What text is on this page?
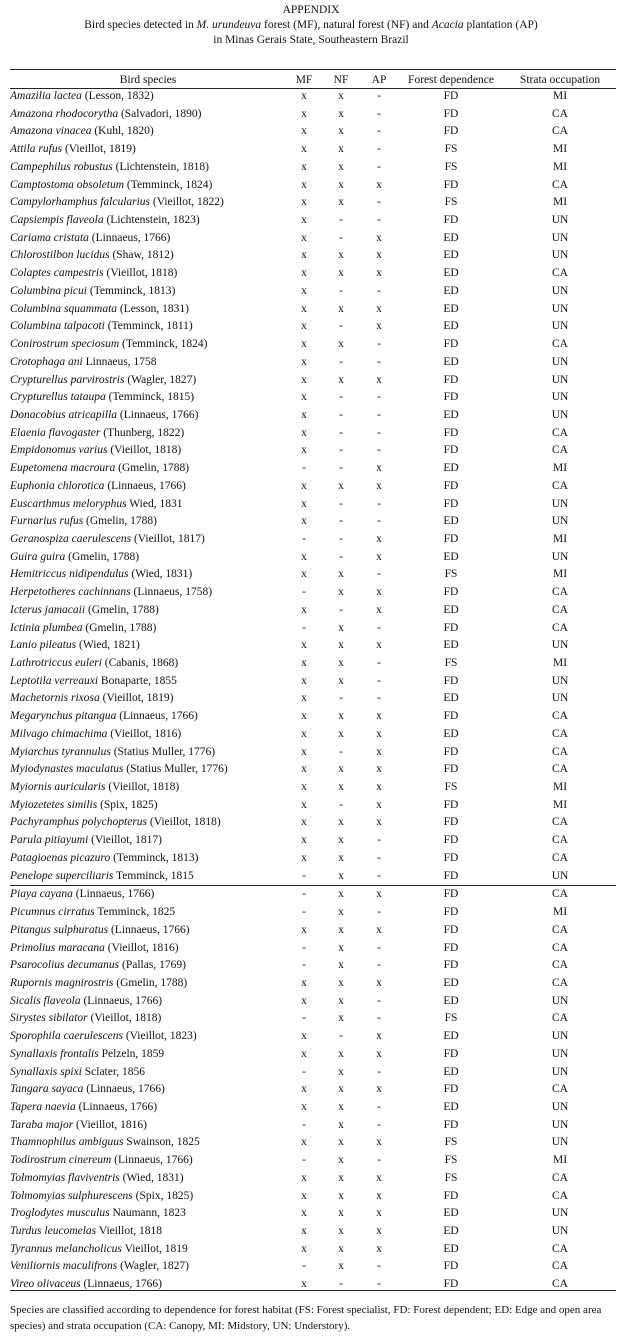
APPENDIX
Bird species detected in M. urundeuva forest (MF), natural forest (NF) and Acacia plantation (AP)
in Minas Gerais State, Southeastern Brazil
Bird species	MF	NF	AP	Forest dependence	Strata occupation
Amazilia lactea (Lesson, 1832)	x	x	-	FD	MI
Amazona rhodocorytha (Salvadori, 1890)	x	x	-	FD	CA
Amazona vinacea (Kuhl, 1820)	x	x	-	FD	CA
Attila rufus (Vieillot, 1819)	x	x	-	FS	MI
Campephilus robustus (Lichtenstein, 1818)	x	x	-	FS	MI
Camptostoma obsoletum (Temminck, 1824)	x	x	x	FD	CA
Campylorhamphus falcularius (Vieillot, 1822)	x	x	-	FS	MI
Capsiempis flaveola (Lichtenstein, 1823)	x	-	-	FD	UN
Cariama cristata (Linnaeus, 1766)	x	-	x	ED	UN
Chlorostilbon lucidus (Shaw, 1812)	x	x	x	ED	UN
Colaptes campestris (Vieillot, 1818)	x	x	x	ED	CA
Columbina picui (Temminck, 1813)	x	-	-	ED	UN
Columbina squammata (Lesson, 1831)	x	x	x	ED	UN
Columbina talpacoti (Temminck, 1811)	x	-	x	ED	UN
Conirostrum speciosum (Temminck, 1824)	x	x	-	FD	CA
Crotophaga ani Linnaeus, 1758	x	-	-	ED	UN
Crypturellus parvirostris (Wagler, 1827)	x	x	x	FD	UN
Crypturellus tataupa (Temminck, 1815)	x	-	-	FD	UN
Donacobius atricapilla (Linnaeus, 1766)	x	-	-	ED	UN
Elaenia flavogaster (Thunberg, 1822)	x	-	-	FD	CA
Empidonomus varius (Vieillot, 1818)	x	-	-	FD	CA
Eupetomena macroura (Gmelin, 1788)	-	-	x	ED	MI
Euphonia chlorotica (Linnaeus, 1766)	x	x	x	FD	CA
Euscarthmus meloryphus Wied, 1831	x	-	-	FD	UN
Furnarius rufus (Gmelin, 1788)	x	-	-	ED	UN
Geranospiza caerulescens (Vieillot, 1817)	-	-	x	FD	MI
Guira guira (Gmelin, 1788)	x	-	x	ED	UN
Hemitriccus nidipendulus (Wied, 1831)	x	x	-	FS	MI
Herpetotheres cachinnans (Linnaeus, 1758)	-	x	x	FD	CA
Icterus jamacaii (Gmelin, 1788)	x	-	x	ED	CA
Ictinia plumbea (Gmelin, 1788)	-	x	-	FD	CA
Lanio pileatus (Wied, 1821)	x	x	x	ED	UN
Lathrotriccus euleri (Cabanis, 1868)	x	x	-	FS	MI
Leptotila verreauxi Bonaparte, 1855	x	x	-	FD	UN
Machetornis rixosa (Vieillot, 1819)	x	-	-	ED	UN
Megarynchus pitangua (Linnaeus, 1766)	x	x	x	FD	CA
Milvago chimachima (Vieillot, 1816)	x	x	x	ED	CA
Myiarchus tyrannulus (Statius Muller, 1776)	x	-	x	FD	CA
Myiodynastes maculatus (Statius Muller, 1776)	x	x	x	FD	CA
Myiornis auricularis (Vieillot, 1818)	x	x	x	FS	MI
Myiozetetes similis (Spix, 1825)	x	-	x	FD	MI
Pachyramphus polychopterus (Vieillot, 1818)	x	x	x	FD	CA
Parula pitiayumi (Vieillot, 1817)	x	x	-	FD	CA
Patagioenas picazuro (Temminck, 1813)	x	x	-	FD	CA
Penelope superciliaris Temminck, 1815	-	x	-	FD	UN
Piaya cayana (Linnaeus, 1766)	-	x	x	FD	CA
Picumnus cirratus Temminck, 1825	-	x	-	FD	MI
Pitangus sulphuratus (Linnaeus, 1766)	x	x	x	FD	CA
Primolius maracana (Vieillot, 1816)	-	x	-	FD	CA
Psarocolius decumanus (Pallas, 1769)	-	x	-	FD	CA
Rupornis magnirostris (Gmelin, 1788)	x	x	x	ED	CA
Sicalis flaveola (Linnaeus, 1766)	x	x	-	ED	UN
Sirystes sibilator (Vieillot, 1818)	-	x	-	FS	CA
Sporophila caerulescens (Vieillot, 1823)	x	-	x	ED	UN
Synallaxis frontalis Pelzeln, 1859	x	x	x	FD	UN
Synallaxis spixi Sclater, 1856	-	x	-	ED	UN
Tangara sayaca (Linnaeus, 1766)	x	x	x	FD	CA
Tapera naevia (Linnaeus, 1766)	x	x	-	ED	UN
Taraba major (Vieillot, 1816)	-	x	-	FD	UN
Thamnophilus ambiguus Swainson, 1825	x	x	x	FS	UN
Todirostrum cinereum (Linnaeus, 1766)	-	x	-	FS	MI
Tolmomyias flaviventris (Wied, 1831)	x	x	x	FS	CA
Tolmomyias sulphurescens (Spix, 1825)	x	x	x	FD	CA
Troglodytes musculus Naumann, 1823	x	x	x	ED	UN
Turdus leucomelas Vieillot, 1818	x	x	x	ED	UN
Tyrannus melancholicus Vieillot, 1819	x	x	x	ED	CA
Veniliornis maculifrons (Wagler, 1827)	-	x	-	FD	CA
Vireo olivaceus (Linnaeus, 1766)	x	-	-	FD	CA
Species are classified according to dependence for forest habitat (FS: Forest specialist, FD: Forest dependent; ED: Edge and open area species) and strata occupation (CA: Canopy, MI: Midstory, UN: Understory).
